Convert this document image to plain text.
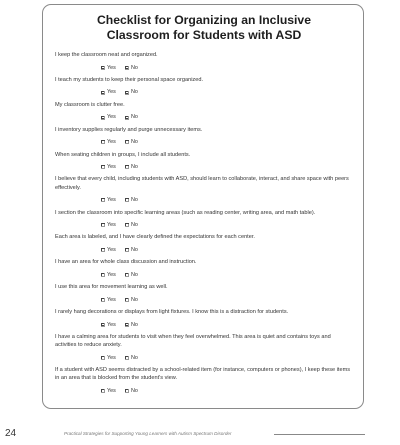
Checklist for Organizing an Inclusive
Classroom for Students with ASD

I keep the classroom neat and organized.

Yes	No

I teach my students to keep their personal space organized.

Yes	No

My classroom is clutter free.

Yes	No

I inventory supplies regularly and purge unnecessary items.

Yes	No

When seating children in groups, I include all students.

Yes	No

I believe that every child, including students with ASD, should learn to collaborate, interact, and share space with peers effectively.

Yes	No

I section the classroom into specific learning areas (such as reading center, writing area, and math table).

Yes	No

Each area is labeled, and I have clearly defined the expectations for each center.

Yes	No

I have an area for whole class discussion and instruction.

Yes	No

I use this area for movement learning as well.

Yes	No

I rarely hang decorations or displays from light fixtures. I know this is a distraction for students.

Yes	No

I have a calming area for students to visit when they feel overwhelmed. This area is quiet and contains toys and activities to reduce anxiety.

Yes	No

If a student with ASD seems distracted by a school-related item (for instance, computers or phones), I keep these items in an area that is blocked from the student's view.

Yes	No
24	Practical Strategies for Supporting Young Learners with Autism Spectrum Disorder
